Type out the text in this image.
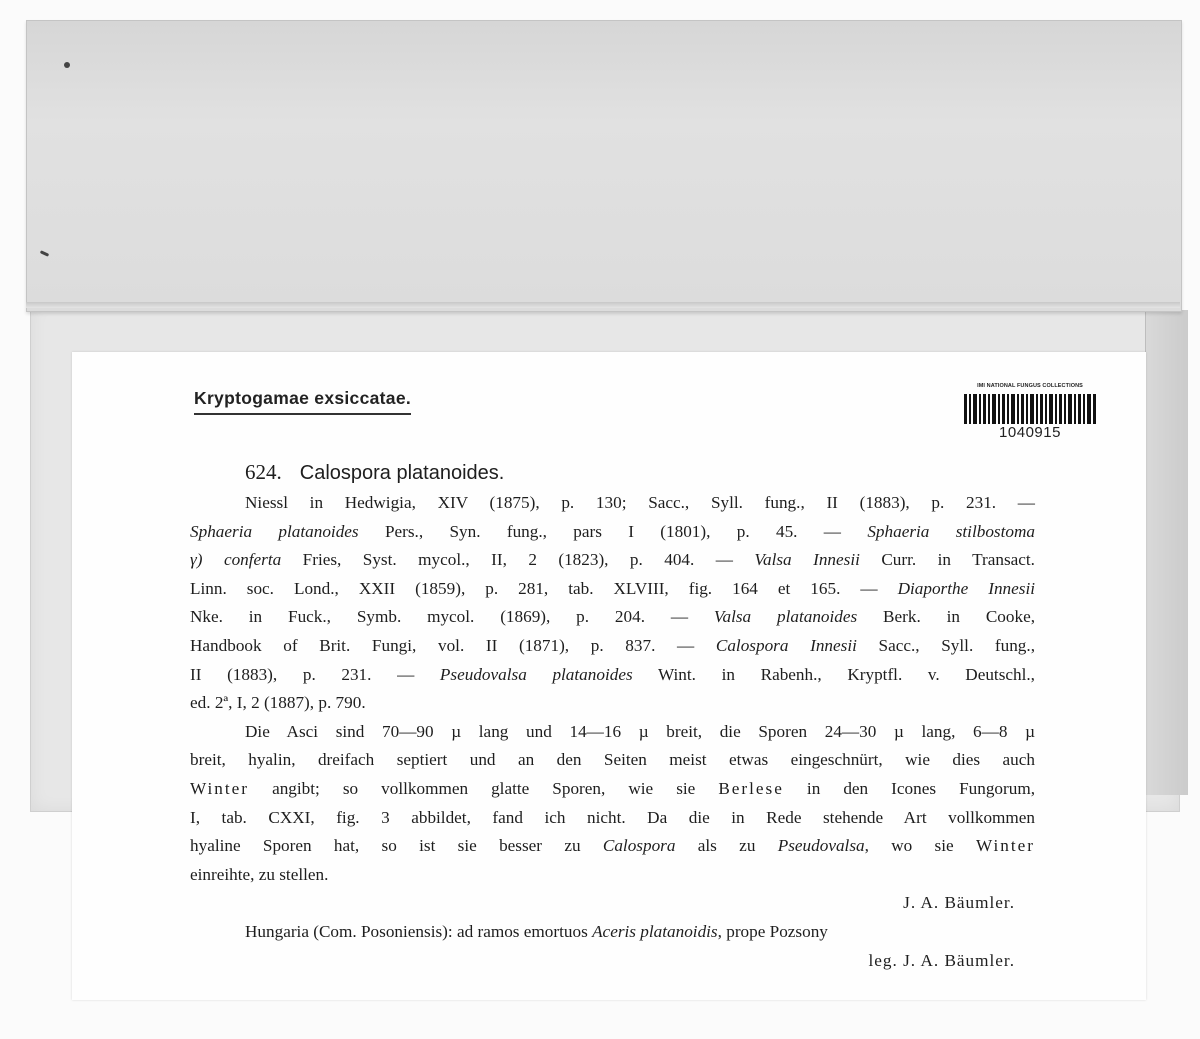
Kryptogamae exsiccatae.
IMI NATIONAL FUNGUS COLLECTIONS
1040915
624. Calospora platanoides.
Niessl in Hedwigia, XIV (1875), p. 130; Sacc., Syll. fung., II (1883), p. 231. —
Sphaeria platanoides Pers., Syn. fung., pars I (1801), p. 45. — Sphaeria stilbostoma
γ) conferta Fries, Syst. mycol., II, 2 (1823), p. 404. — Valsa Innesii Curr. in Transact.
Linn. soc. Lond., XXII (1859), p. 281, tab. XLVIII, fig. 164 et 165. — Diaporthe Innesii
Nke. in Fuck., Symb. mycol. (1869), p. 204. — Valsa platanoides Berk. in Cooke,
Handbook of Brit. Fungi, vol. II (1871), p. 837. — Calospora Innesii Sacc., Syll. fung.,
II (1883), p. 231. — Pseudovalsa platanoides Wint. in Rabenh., Kryptfl. v. Deutschl.,
ed. 2ª, I, 2 (1887), p. 790.
Die Asci sind 70—90 µ lang und 14—16 µ breit, die Sporen 24—30 µ lang, 6—8 µ
breit, hyalin, dreifach septiert und an den Seiten meist etwas eingeschnürt, wie dies auch
Winter angibt; so vollkommen glatte Sporen, wie sie Berlese in den Icones Fungorum,
I, tab. CXXI, fig. 3 abbildet, fand ich nicht. Da die in Rede stehende Art vollkommen
hyaline Sporen hat, so ist sie besser zu Calospora als zu Pseudovalsa, wo sie Winter
einreihte, zu stellen.
J. A. Bäumler.
Hungaria (Com. Posoniensis): ad ramos emortuos Aceris platanoidis, prope Pozsony
leg. J. A. Bäumler.
